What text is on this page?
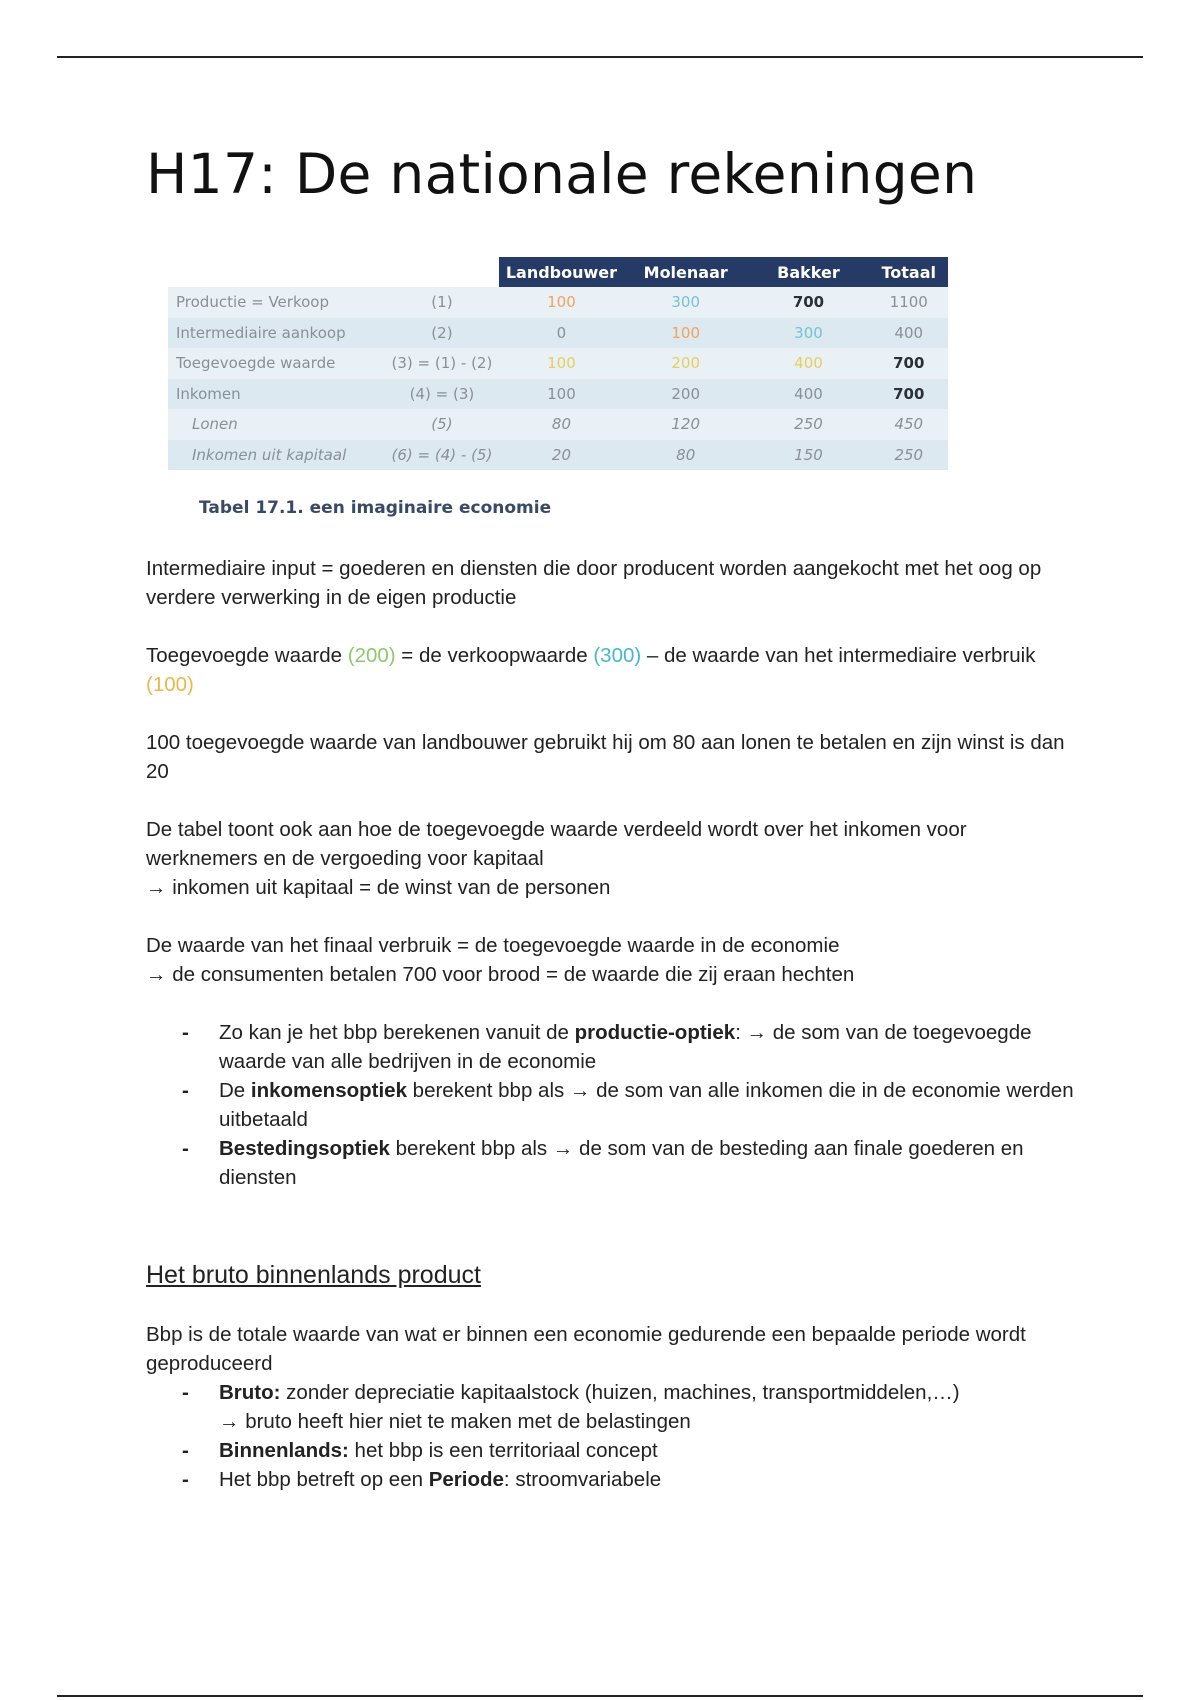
H17: De nationale rekeningen
		Landbouwer	Molenaar	Bakker	Totaal
Productie = Verkoop	(1)	100	300	700	1100
Intermediaire aankoop	(2)	0	100	300	400
Toegevoegde waarde	(3) = (1) - (2)	100	200	400	700
Inkomen	(4) = (3)	100	200	400	700
Lonen	(5)	80	120	250	450
Inkomen uit kapitaal	(6) = (4) - (5)	20	80	150	250
Tabel 17.1. een imaginaire economie

Intermediaire input = goederen en diensten die door producent worden aangekocht met het oog op verdere verwerking in de eigen productie

Toegevoegde waarde (200) = de verkoopwaarde (300) – de waarde van het intermediaire verbruik (100)

100 toegevoegde waarde van landbouwer gebruikt hij om 80 aan lonen te betalen en zijn winst is dan 20

De tabel toont ook aan hoe de toegevoegde waarde verdeeld wordt over het inkomen voor werknemers en de vergoeding voor kapitaal

→ inkomen uit kapitaal = de winst van de personen

De waarde van het finaal verbruik = de toegevoegde waarde in de economie

→ de consumenten betalen 700 voor brood = de waarde die zij eraan hechten

- Zo kan je het bbp berekenen vanuit de productie-optiek: → de som van de toegevoegde waarde van alle bedrijven in de economie
- De inkomensoptiek berekent bbp als → de som van alle inkomen die in de economie werden uitbetaald
- Bestedingsoptiek berekent bbp als → de som van de besteding aan finale goederen en diensten
Het bruto binnenlands product

Bbp is de totale waarde van wat er binnen een economie gedurende een bepaalde periode wordt geproduceerd

- Bruto: zonder depreciatie kapitaalstock (huizen, machines, transportmiddelen,…)
→ bruto heeft hier niet te maken met de belastingen
- Binnenlands: het bbp is een territoriaal concept
- Het bbp betreft op een Periode: stroomvariabele
